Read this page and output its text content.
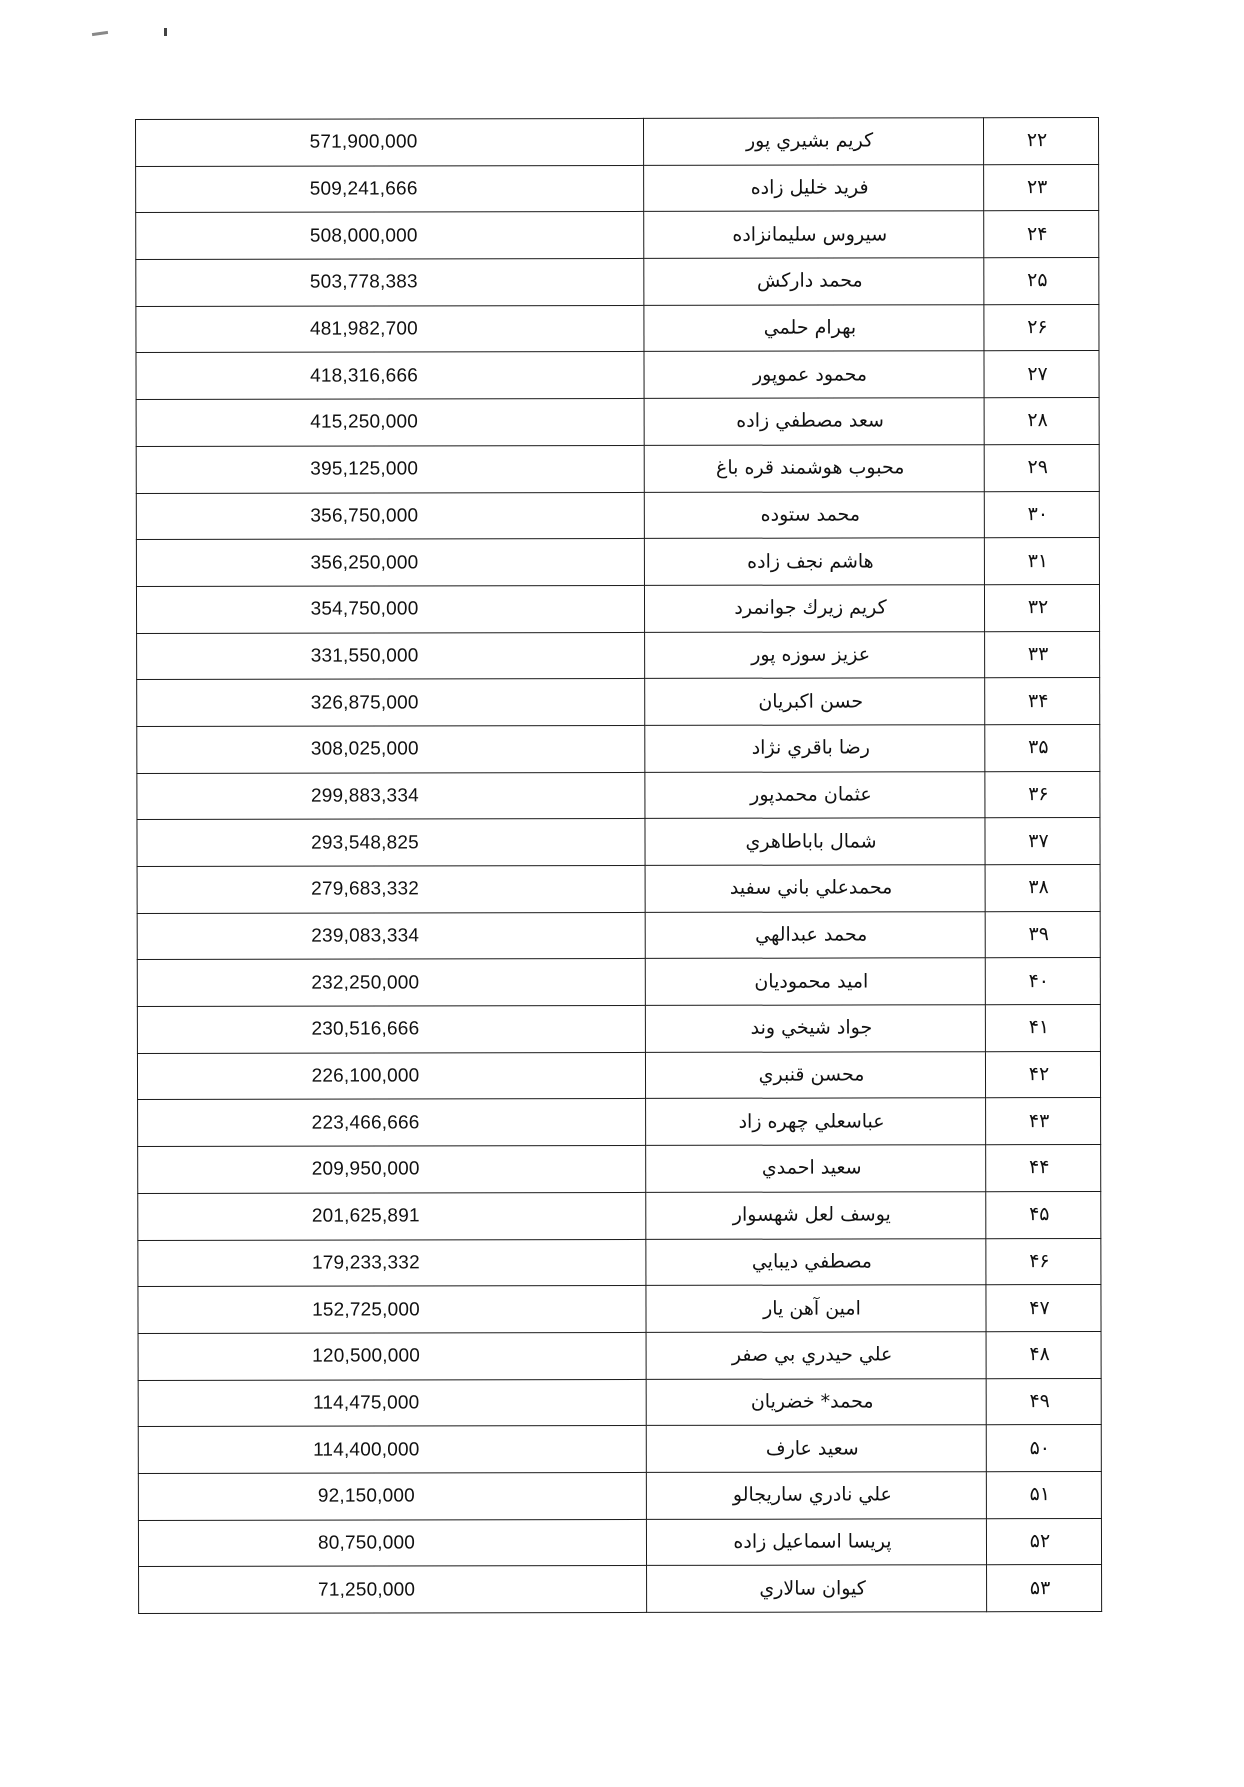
571,900,000	كريم بشيري پور	۲۲
509,241,666	فريد خليل زاده	۲۳
508,000,000	سيروس سليمانزاده	۲۴
503,778,383	محمد داركش	۲۵
481,982,700	بهرام حلمي	۲۶
418,316,666	محمود عموپور	۲۷
415,250,000	سعد مصطفي زاده	۲۸
395,125,000	محبوب هوشمند قره باغ	۲۹
356,750,000	محمد ستوده	۳۰
356,250,000	هاشم نجف زاده	۳۱
354,750,000	كريم زيرك جوانمرد	۳۲
331,550,000	عزيز سوزه پور	۳۳
326,875,000	حسن اكبريان	۳۴
308,025,000	رضا باقري نژاد	۳۵
299,883,334	عثمان محمدپور	۳۶
293,548,825	شمال باباطاهري	۳۷
279,683,332	محمدعلي باني سفيد	۳۸
239,083,334	محمد عبدالهي	۳۹
232,250,000	اميد محموديان	۴۰
230,516,666	جواد شيخي وند	۴۱
226,100,000	محسن قنبري	۴۲
223,466,666	عباسعلي چهره زاد	۴۳
209,950,000	سعيد احمدي	۴۴
201,625,891	يوسف لعل شهسوار	۴۵
179,233,332	مصطفي ديبايي	۴۶
152,725,000	امين آهن يار	۴۷
120,500,000	علي حيدري بي صفر	۴۸
114,475,000	محمد* خضريان	۴۹
114,400,000	سعيد عارف	۵۰
92,150,000	علي نادري ساريجالو	۵۱
80,750,000	پريسا اسماعيل زاده	۵۲
71,250,000	كيوان سالاري	۵۳
